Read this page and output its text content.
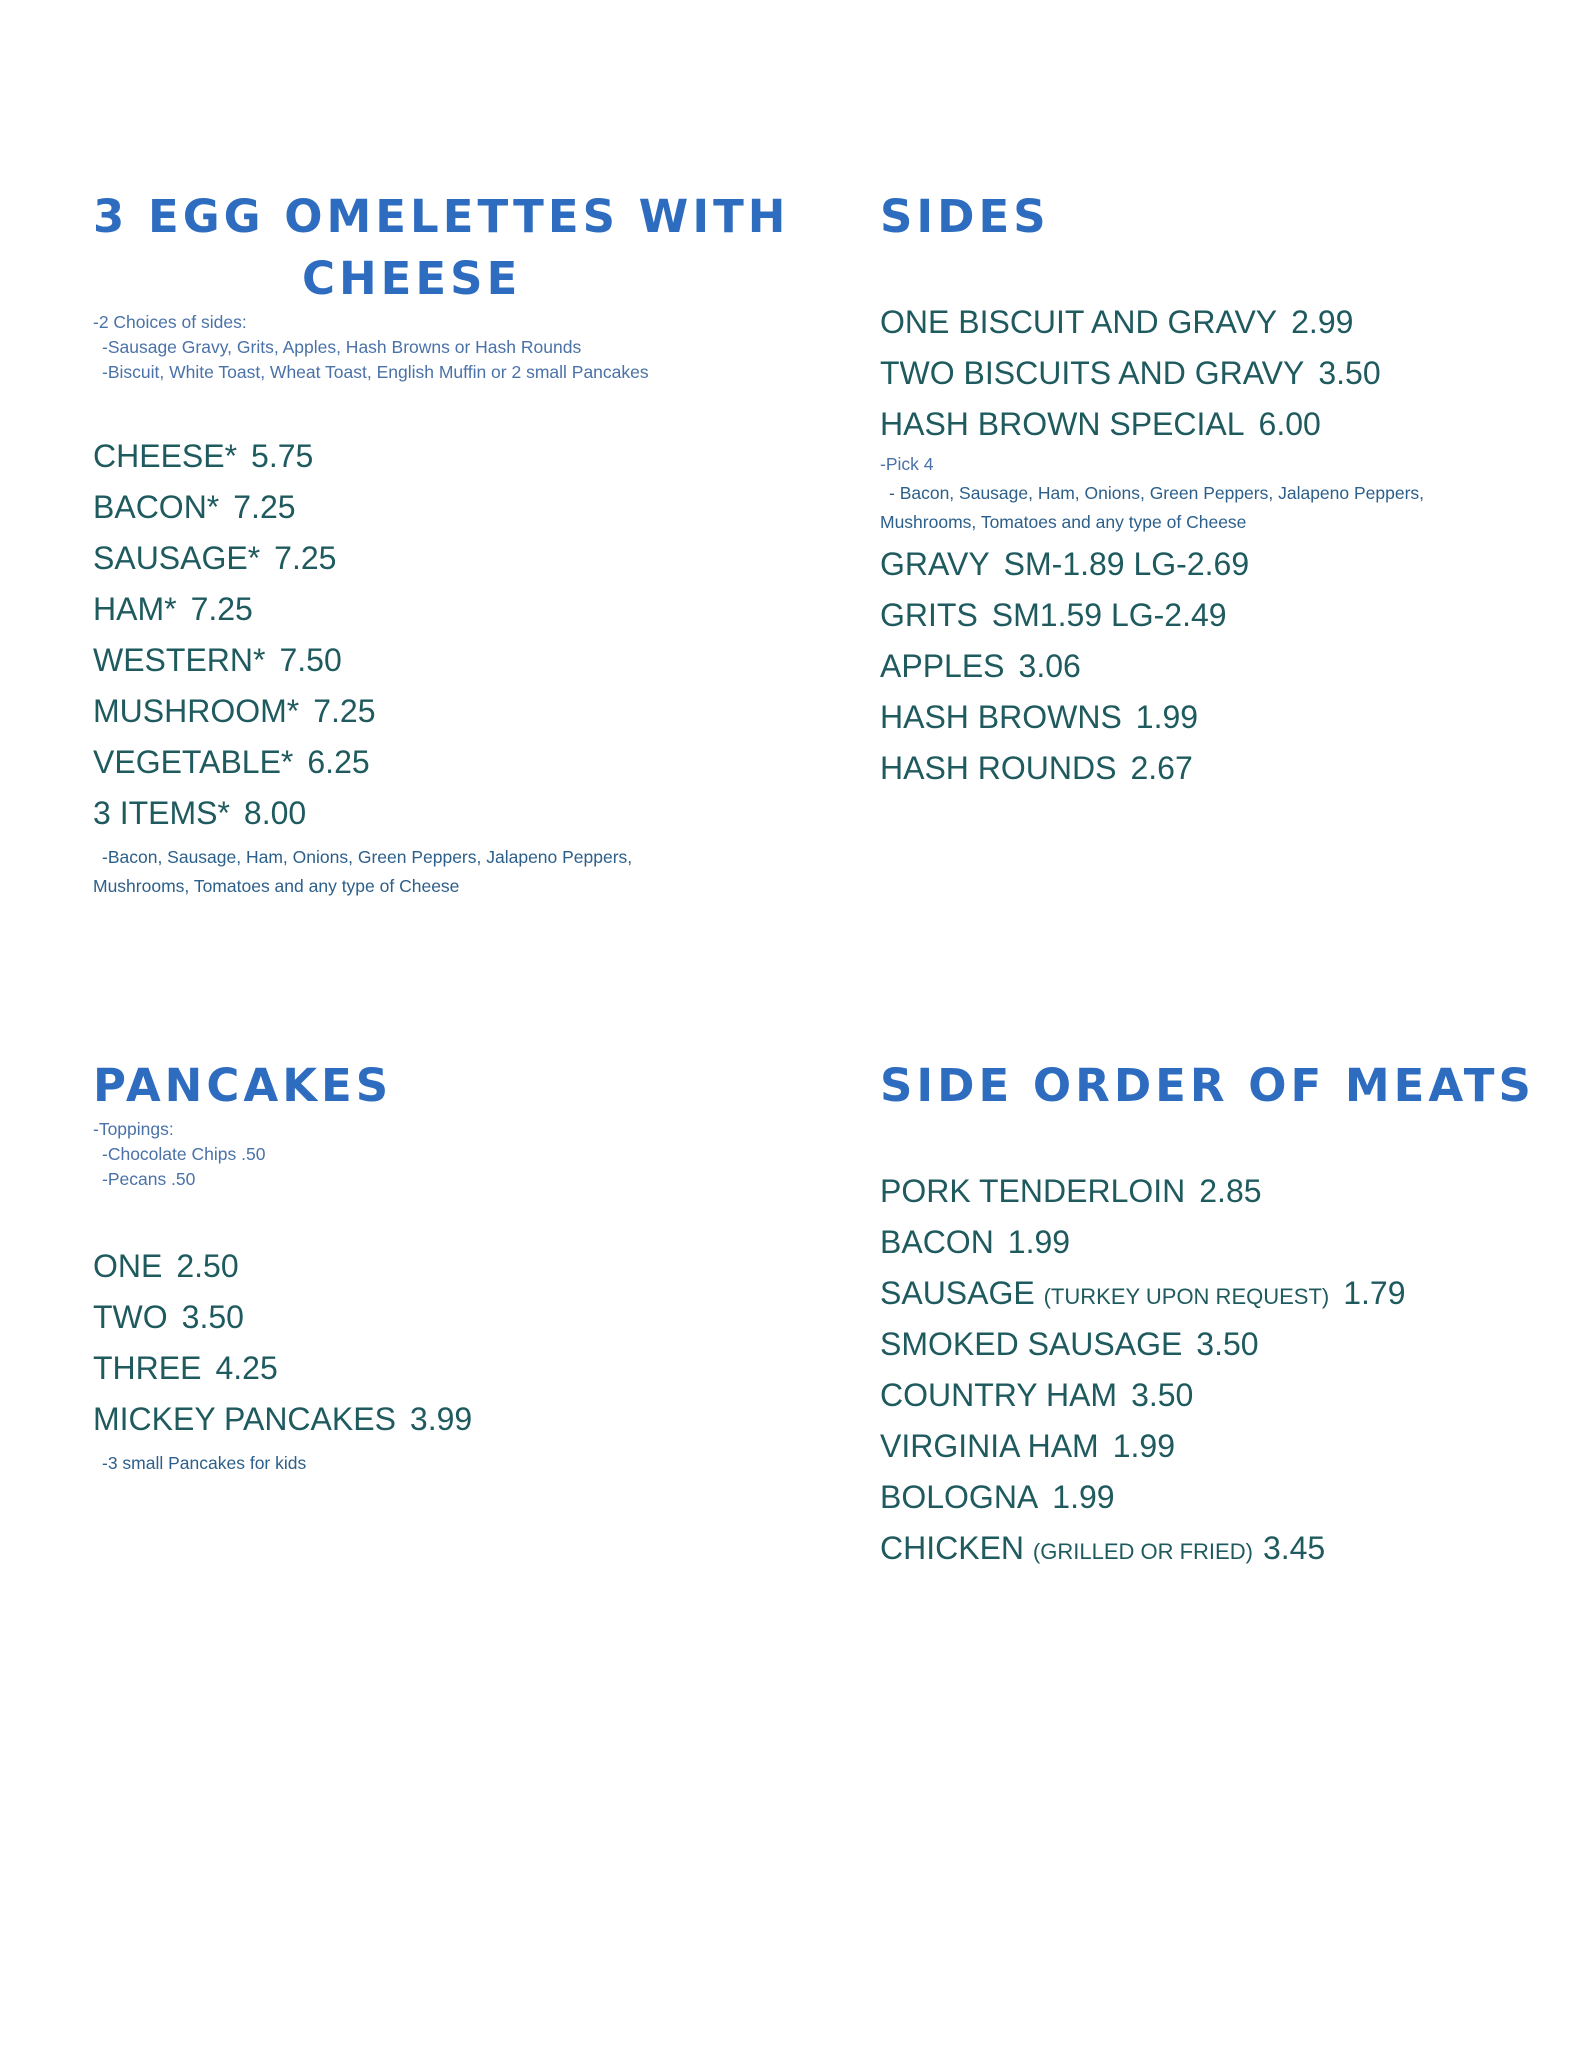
3 EGG OMELETTES WITH
CHEESE

-2 Choices of sides:

-Sausage Gravy, Grits, Apples, Hash Browns or Hash Rounds

-Biscuit, White Toast, Wheat Toast, English Muffin or 2 small Pancakes

CHEESE* 5.75

BACON* 7.25

SAUSAGE* 7.25

HAM* 7.25

WESTERN* 7.50

MUSHROOM* 7.25

VEGETABLE* 6.25

3 ITEMS* 8.00

-Bacon, Sausage, Ham, Onions, Green Peppers, Jalapeno Peppers,

Mushrooms, Tomatoes and any type of Cheese

SIDES

ONE BISCUIT AND GRAVY 2.99

TWO BISCUITS AND GRAVY 3.50

HASH BROWN SPECIAL 6.00

-Pick 4

- Bacon, Sausage, Ham, Onions, Green Peppers, Jalapeno Peppers,

Mushrooms, Tomatoes and any type of Cheese

GRAVY SM-1.89 LG-2.69

GRITS SM1.59 LG-2.49

APPLES 3.06

HASH BROWNS 1.99

HASH ROUNDS 2.67

PANCAKES

-Toppings:

-Chocolate Chips .50

-Pecans .50

ONE 2.50

TWO 3.50

THREE 4.25

MICKEY PANCAKES 3.99

-3 small Pancakes for kids

SIDE ORDER OF MEATS

PORK TENDERLOIN 2.85

BACON 1.99

SAUSAGE (TURKEY UPON REQUEST) 1.79

SMOKED SAUSAGE 3.50

COUNTRY HAM 3.50

VIRGINIA HAM 1.99

BOLOGNA 1.99

CHICKEN (GRILLED OR FRIED) 3.45
